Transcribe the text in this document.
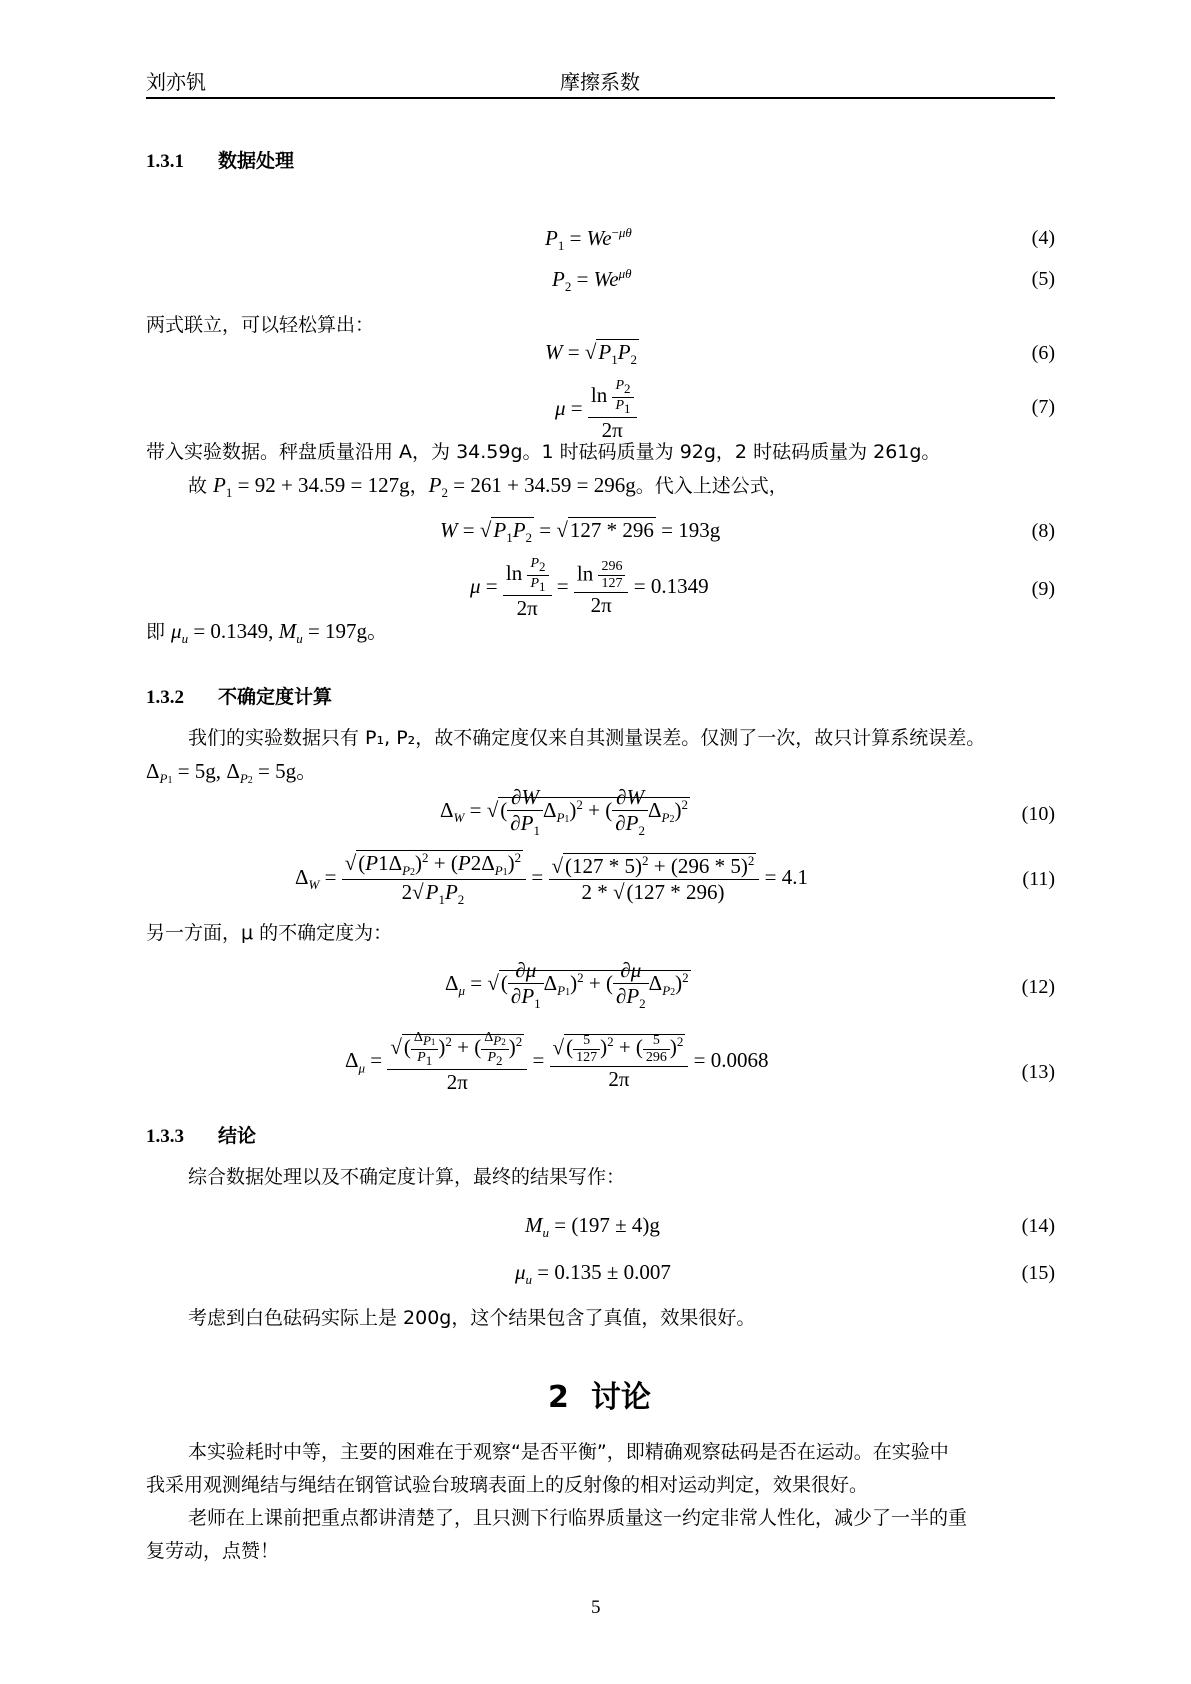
刘亦钒	摩擦系数
1.3.1 数据处理
$P_1 = We^{-\mu\theta}$	(4)
$P_2 = We^{\mu\theta}$	(5)
两式联立，可以轻松算出：
$W = √P_1P_2$	(6)
$\mu = \frac{\ln \frac{P_2}{P_1}}{2\pi}$	(7)
带入实验数据。秤盘质量沿用 A，为 34.59g。1 时砝码质量为 92g，2 时砝码质量为 261g。
故 $P_1 = 92 + 34.59 = 127g$，$P_2 = 261 + 34.59 = 296g$。代入上述公式，
$W = √P_1P_2 = √127 * 296 = 193g$	(8)
$\mu = \frac{\ln \frac{P_2}{P_1}}{2\pi} = \frac{\ln \frac{296}{127}}{2\pi} = 0.1349$	(9)
即 $\mu_u = 0.1349$, $M_u = 197g$。
1.3.2 不确定度计算
我们的实验数据只有 P₁, P₂，故不确定度仅来自其测量误差。仅测了一次，故只计算系统误差。
$\Delta_{P1} = 5g$, $\Delta_{P2} = 5g$。
$\Delta_W$ = √( $\frac{\partial W}{\partial P_1} \Delta_{P1})^2$ + ( $\frac{\partial W}{\partial P_2} \Delta_{P2})^2$	(10)
$\Delta_W = \frac{√(P1\Delta_{P2})^2 + (P2\Delta_{P1})^2}{2√P_1P_2} = \frac{√(127 * 5)^2 + (296 * 5)^2}{2 * √(127 * 296)} = 4.1$	(11)
另一方面，μ 的不确定度为：
$\Delta_\mu$ = √( $\frac{\partial\mu}{\partial P_1} \Delta_{P1})^2$ + ( $\frac{\partial\mu}{\partial P_2} \Delta_{P2})^2$	(12)
$\Delta_\mu = \frac{√( \frac{\Delta_{P1}}{P_1} )^2 + ( \frac{\Delta_{P2}}{P_2} )^2}{2\pi} = \frac{√( \frac{5}{127} )^2 + ( \frac{5}{296} )^2}{2\pi} = 0.0068$	(13)
1.3.3 结论
综合数据处理以及不确定度计算，最终的结果写作：
$M_u = (197 \pm 4)g$	(14)
$\mu_u = 0.135 \pm 0.007$	(15)
考虑到白色砝码实际上是 200g，这个结果包含了真值，效果很好。
2 讨论
本实验耗时中等，主要的困难在于观察“是否平衡”，即精确观察砝码是否在运动。在实验中
我采用观测绳结与绳结在钢管试验台玻璃表面上的反射像的相对运动判定，效果很好。
老师在上课前把重点都讲清楚了，且只测下行临界质量这一约定非常人性化，减少了一半的重
复劳动，点赞！
5
